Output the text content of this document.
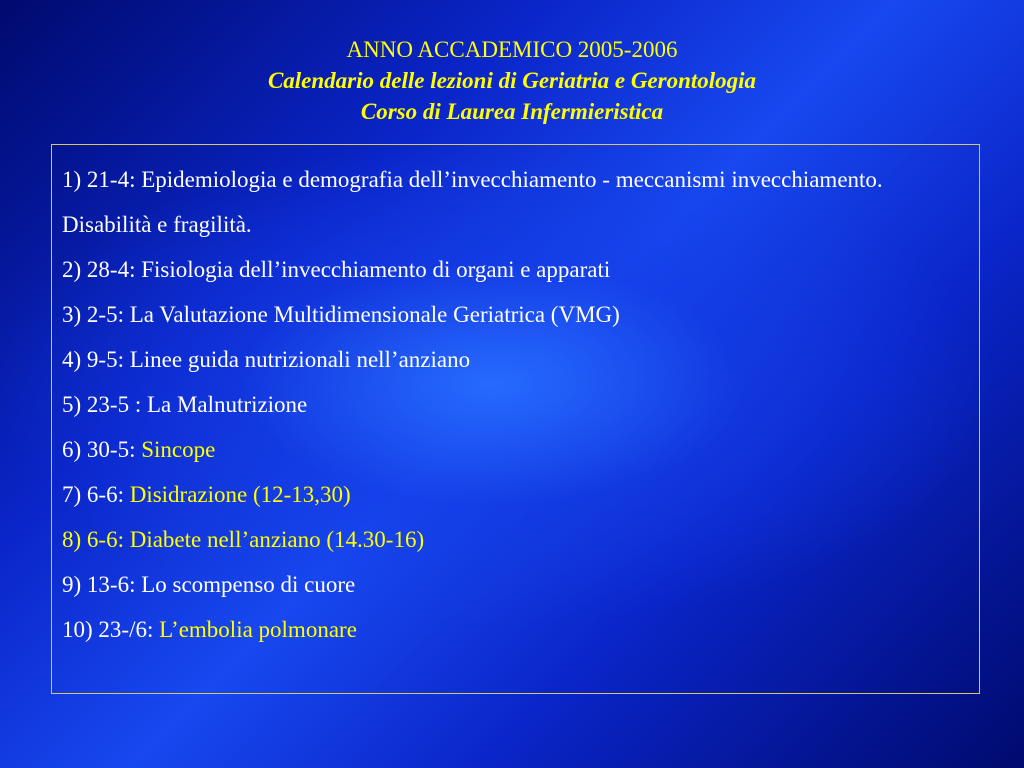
ANNO ACCADEMICO 2005-2006
Calendario delle lezioni di Geriatria e Gerontologia
Corso di Laurea Infermieristica
1) 21-4: Epidemiologia e demografia dell’invecchiamento - meccanismi invecchiamento. Disabilità e fragilità.
2) 28-4: Fisiologia dell’invecchiamento di organi e apparati
3) 2-5: La Valutazione Multidimensionale Geriatrica (VMG)
4) 9-5: Linee guida nutrizionali nell’anziano
5) 23-5 : La Malnutrizione
6) 30-5: Sincope
7) 6-6: Disidrazione (12-13,30)
8) 6-6: Diabete nell’anziano (14.30-16)
9) 13-6: Lo scompenso di cuore
10) 23-/6: L’embolia polmonare
